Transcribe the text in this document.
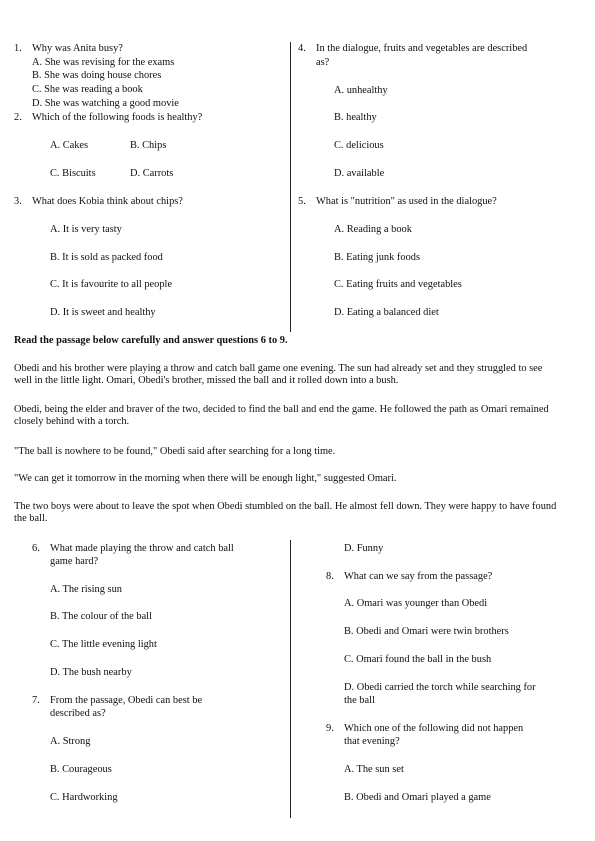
1. Why was Anita busy?
A. She was revising for the exams
B. She was doing house chores
C. She was reading a book
D. She was watching a good movie
2. Which of the following foods is healthy?
A. Cakes	B. Chips
C. Biscuits	D. Carrots
3. What does Kobia think about chips?
A. It is very tasty
B. It is sold as packed food
C. It is favourite to all people
D. It is sweet and healthy
4. In the dialogue, fruits and vegetables are described
as?
A. unhealthy
B. healthy
C. delicious
D. available
5. What is "nutrition" as used in the dialogue?
A. Reading a book
B. Eating junk foods
C. Eating fruits and vegetables
D. Eating a balanced diet
Read the passage below carefully and answer questions 6 to 9.
Obedi and his brother were playing a throw and catch ball game one evening. The sun had already set and they struggled to see well in the little light. Omari, Obedi's brother, missed the ball and it rolled down into a bush.
Obedi, being the elder and braver of the two, decided to find the ball and end the game. He followed the path as Omari remained closely behind with a torch.
"The ball is nowhere to be found," Obedi said after searching for a long time.
"We can get it tomorrow in the morning when there will be enough light," suggested Omari.
The two boys were about to leave the spot when Obedi stumbled on the ball. He almost fell down. They were happy to have found the ball.
6. What made playing the throw and catch ball
game hard?
A. The rising sun
B. The colour of the ball
C. The little evening light
D. The bush nearby
7. From the passage, Obedi can best be
described as?
A. Strong
B. Courageous
C. Hardworking
D. Funny
8. What can we say from the passage?
A. Omari was younger than Obedi
B. Obedi and Omari were twin brothers
C. Omari found the ball in the bush
D. Obedi carried the torch while searching for
the ball
9. Which one of the following did not happen
that evening?
A. The sun set
B. Obedi and Omari played a game
